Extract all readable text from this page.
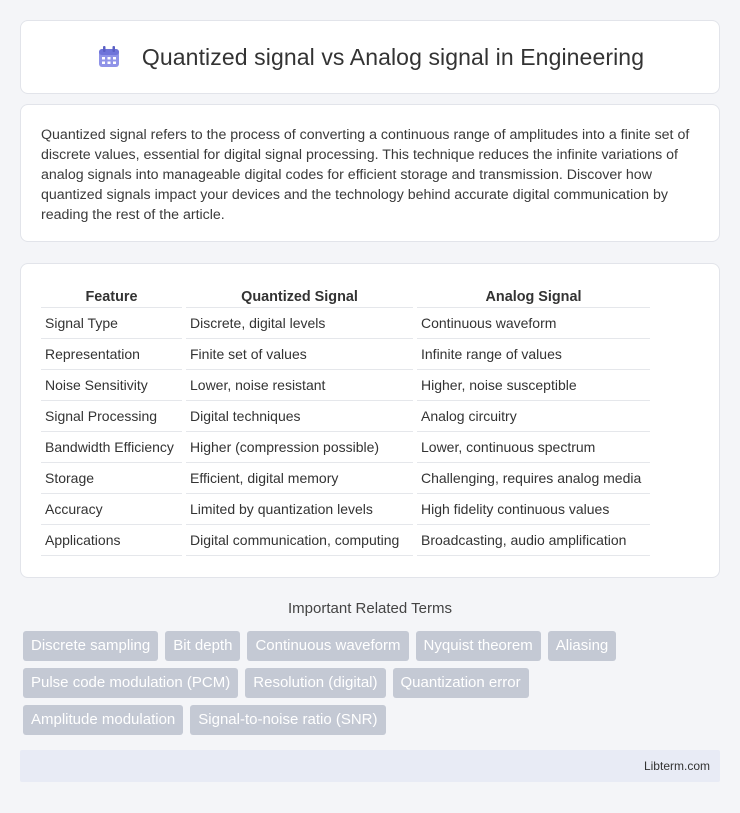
Quantized signal vs Analog signal in Engineering

Quantized signal refers to the process of converting a continuous range of amplitudes into a finite set of discrete values, essential for digital signal processing. This technique reduces the infinite variations of analog signals into manageable digital codes for efficient storage and transmission. Discover how quantized signals impact your devices and the technology behind accurate digital communication by reading the rest of the article.

Feature	Quantized Signal	Analog Signal
Signal Type	Discrete, digital levels	Continuous waveform
Representation	Finite set of values	Infinite range of values
Noise Sensitivity	Lower, noise resistant	Higher, noise susceptible
Signal Processing	Digital techniques	Analog circuitry
Bandwidth Efficiency	Higher (compression possible)	Lower, continuous spectrum
Storage	Efficient, digital memory	Challenging, requires analog media
Accuracy	Limited by quantization levels	High fidelity continuous values
Applications	Digital communication, computing	Broadcasting, audio amplification
Important Related Terms
Discrete sampling	Bit depth	Continuous waveform	Nyquist theorem	Aliasing
Pulse code modulation (PCM)	Resolution (digital)	Quantization error
Amplitude modulation	Signal-to-noise ratio (SNR)
Libterm.com
